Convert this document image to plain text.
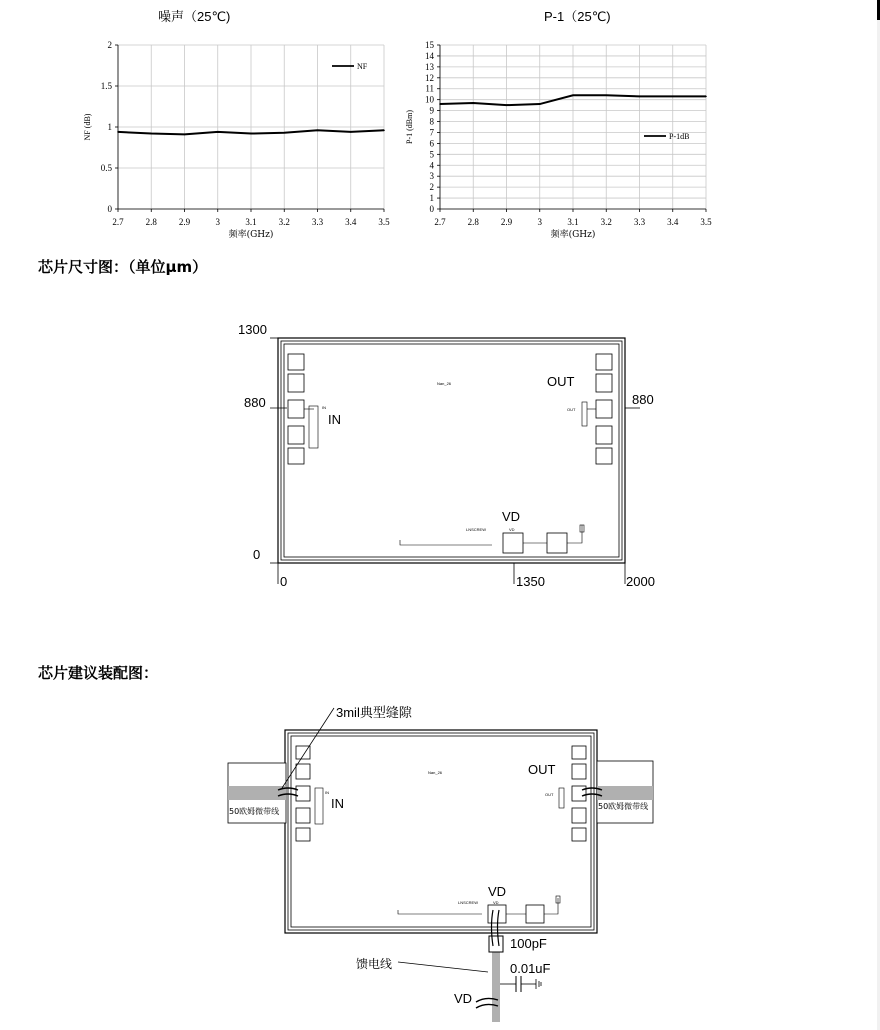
噪声（25℃)	P-1（25℃)
0
0.5
1
1.5
2
2.7 2.8 2.9	3	3.1 3.2 3.3 3.4 3.5
NF
频率(GHz)
NF (dB)
0
1
2
3
4
5
6
7
8
9
10
11
12
13
14
15
2.7 2.8 2.9	3	3.1 3.2 3.3 3.4 3.5
P-1dB
频率(GHz)
P-1 (dBm)
芯片尺寸图：（单位μm）
1300
880	880
0
0	1350	2000
IN
OUT
VD
Nan_26
IN	OUT
VD
LNSCREW
芯片建议装配图：
3mil典型缝隙
50欧姆微带线
50欧姆微带线
IN
OUT
VD
100pF
0.01uF
馈电线
VD
Nan_26
IN	OUT
VD
LNSCREW
